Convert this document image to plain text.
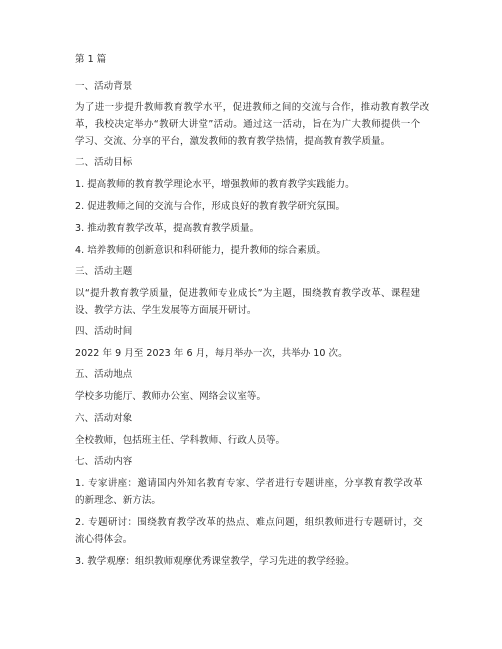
第 1 篇
一、活动背景
为了进一步提升教师教育教学水平，促进教师之间的交流与合作，推动教育教学改
革，我校决定举办“教研大讲堂”活动。通过这一活动，旨在为广大教师提供一个
学习、交流、分享的平台，激发教师的教育教学热情，提高教育教学质量。
二、活动目标
1. 提高教师的教育教学理论水平，增强教师的教育教学实践能力。
2. 促进教师之间的交流与合作，形成良好的教育教学研究氛围。
3. 推动教育教学改革，提高教育教学质量。
4. 培养教师的创新意识和科研能力，提升教师的综合素质。
三、活动主题
以“提升教育教学质量，促进教师专业成长”为主题，围绕教育教学改革、课程建
设、教学方法、学生发展等方面展开研讨。
四、活动时间
2022 年 9 月至 2023 年 6 月，每月举办一次，共举办 10 次。
五、活动地点
学校多功能厅、教师办公室、网络会议室等。
六、活动对象
全校教师，包括班主任、学科教师、行政人员等。
七、活动内容
1. 专家讲座：邀请国内外知名教育专家、学者进行专题讲座，分享教育教学改革
的新理念、新方法。
2. 专题研讨：围绕教育教学改革的热点、难点问题，组织教师进行专题研讨，交
流心得体会。
3. 教学观摩：组织教师观摩优秀课堂教学，学习先进的教学经验。
